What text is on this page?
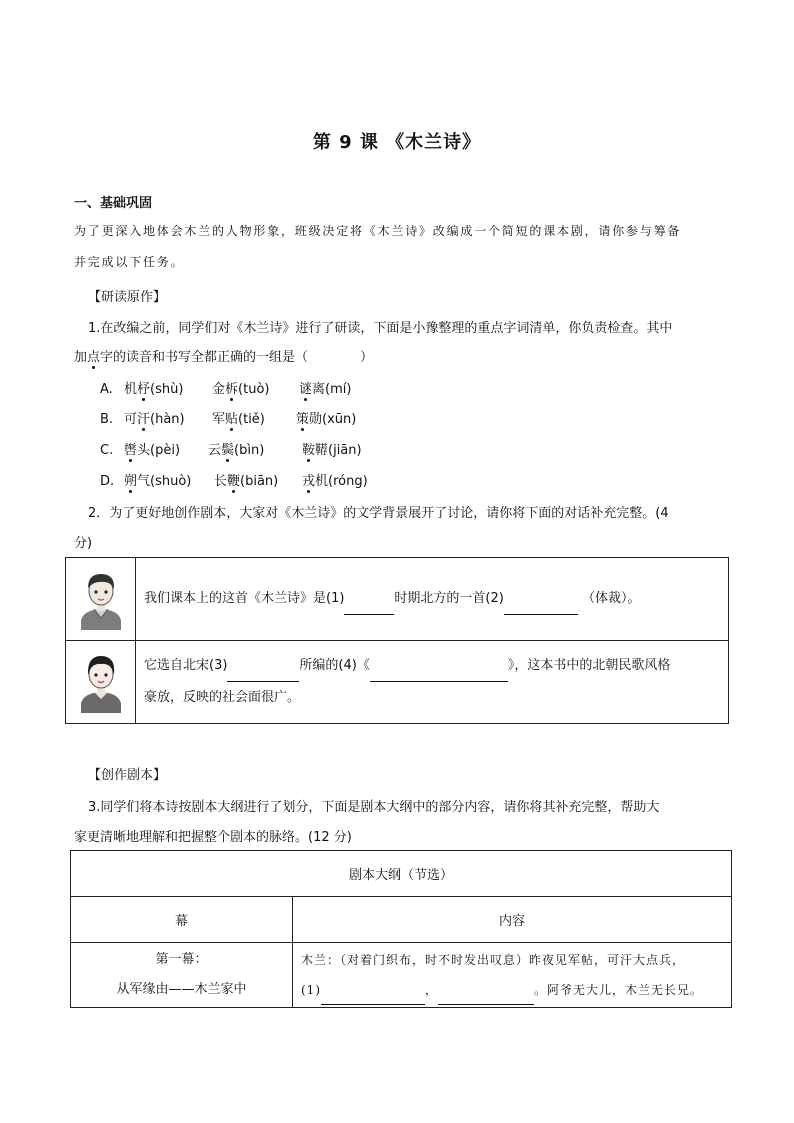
第 9 课 《木兰诗》
一、基础巩固
为了更深入地体会木兰的人物形象，班级决定将《木兰诗》改编成一个简短的课本剧，请你参与筹备
并完成以下任务。
【研读原作】
1.在改编之前，同学们对《木兰诗》进行了研读，下面是小豫整理的重点字词清单，你负责检查。其中
加点字的读音和书写全都正确的一组是（	）
A. 机杼(shù) 金柝(tuò) 谜离(mí)
B. 可汗(hàn) 军贴(tiě) 策勋(xūn)
C. 辔头(pèi) 云鬓(bìn)	鞍鞯(jiān)
D. 朔气(shuò) 长鞭(biān) 戎机(róng)
2．为了更好地创作剧本，大家对《木兰诗》的文学背景展开了讨论，请你将下面的对话补充完整。(4
分)
	我们课本上的这首《木兰诗》是(1) 时期北方的一首(2) （体裁）。
	它选自北宋(3) 所编的(4)《 》，这本书中的北朝民歌风格
豪放，反映的社会面很广。
【创作剧本】
3.同学们将本诗按剧本大纲进行了划分，下面是剧本大纲中的部分内容，请你将其补充完整，帮助大
家更清晰地理解和把握整个剧本的脉络。(12 分)
剧本大纲（节选）	
幕	内容
第一幕：
从军缘由——木兰家中	木兰：（对着门织布，时不时发出叹息）昨夜见军帖，可汗大点兵，
(1) ， 。阿爷无大儿，木兰无长兄。
